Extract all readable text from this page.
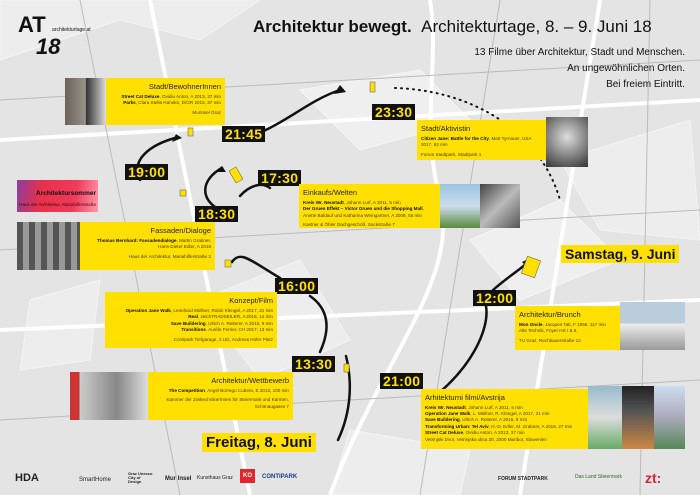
AT
18
architekturtage.at	Architektur bewegt. Architekturtage, 8. – 9. Juni 18
13 Filme über Architektur, Stadt und Menschen.
An ungewöhnlichen Orten.
Bei freiem Eintritt.
21:45
23:30
19:00	17:30
18:30
16:00
12:00
13:30
21:00
Samstag, 9. Juni
Freitag, 8. Juni
Stadt/BewohnerInnen
Street Cat Deluxe, Ovidiu Anton, A 2013, 37 min
Parks, Clara Stella Hüneke, D/GR 2015, 37 min
Murinsel Graz
Stadt/Aktivistin
Citizen Jane: Battle for the City, Matt Tyrnauer, USA 2017, 92 min
Forum Stadtpark, Stadtpark 1
Einkaufs/Welten
Kreis Wr. Neustadt, Johann Lurf, A 2011, 5 min
Der Gruen Effekt – Victor Gruen und die Shopping Mall, Anette Baldauf und Katharina Weingartner, A 2009, 55 min
Kastner & Öhler Dachgeschoß, Sackstraße 7
Architektursommer
Haus der Architektur, Mariahilferstraße
Fassaden/Dialoge
Thomas Bernhard: Fassadendialoge, Martin Grabner, Hans-Dieter Edler, A 2018
Haus der Architektur, Mariahilferstraße 2
Konzept/Film
Operation Jane Walk, Leonhard Müllner, Robin Klengel, A 2017, 21 min
Real, zeichTRADSEILER, A 2015, 14 min
Save Buildering, Ulrich A. Reiterer, A 2015, 9 min
Transitions, Aurèle Ferrier, CH 2017, 13 min
Contipark Tiefgarage, 2.UG, Andreas Hofer Platz
Architektur/Brunch
Mon Oncle, Jacques Tati, F 1958, 117 min
Alte Technik, Foyer HS I & II,
TU Graz, Rechbauerstraße 12
Architektur/Wettbewerb
The Competition, Angel Borrego Cubero, E 2013, 100 min
Kammer der ZiviltechnikerInnen für Steiermark und Kärnten, Schönaugasse 7
Arhitekturni filmi/Avstrija
Kreis Wr. Neustadt, Johann Lurf, A 2011, 5 min
Operation Jane Walk, L. Müllner, R. Klengel, A 2017, 21 min
Save Buildering, Ulrich A. Reiterer, A 2015, 9 min
Transforming Urban: Tel Aviv, H.-D. Edler, M. Grabner, A 2016, 27 min
Street Cat Deluxe, Ovidiu Anton, A 2013, 37 min
Vetrinjski Dvor, Vetrinjska ulica 30, 2000 Maribor, Slowenien
HDA	SmartHome
Graz Unesco City of Design	Mur Insel Kunsthaus Graz	KO	CONTIPARK	FORUM STADTPARK	Das Land Steiermark zt:
